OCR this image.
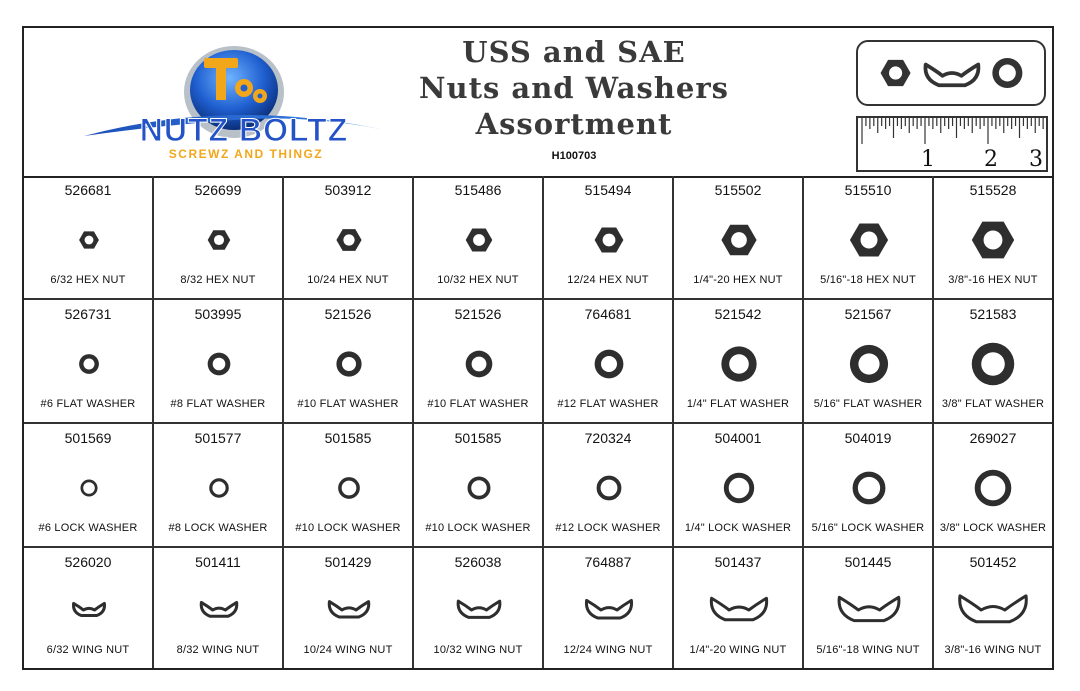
NUTZ BOLTZ
SCREWZ AND THINGZ
USS and SAE
Nuts and Washers
Assortment
H100703	1 2 3
526681
6/32 HEX NUT
526699
8/32 HEX NUT
503912
10/24 HEX NUT
515486
10/32 HEX NUT
515494
12/24 HEX NUT
515502
1/4"-20 HEX NUT
515510
5/16"-18 HEX NUT
515528
3/8"-16 HEX NUT
526731
#6 FLAT WASHER
503995
#8 FLAT WASHER
521526
#10 FLAT WASHER
521526
#10 FLAT WASHER
764681
#12 FLAT WASHER
521542
1/4" FLAT WASHER
521567
5/16" FLAT WASHER
521583
3/8" FLAT WASHER
501569
#6 LOCK WASHER
501577
#8 LOCK WASHER
501585
#10 LOCK WASHER
501585
#10 LOCK WASHER
720324
#12 LOCK WASHER
504001
1/4" LOCK WASHER
504019
5/16" LOCK WASHER
269027
3/8" LOCK WASHER
526020
6/32 WING NUT
501411
8/32 WING NUT
501429
10/24 WING NUT
526038
10/32 WING NUT
764887
12/24 WING NUT
501437
1/4"-20 WING NUT
501445
5/16"-18 WING NUT
501452
3/8"-16 WING NUT
